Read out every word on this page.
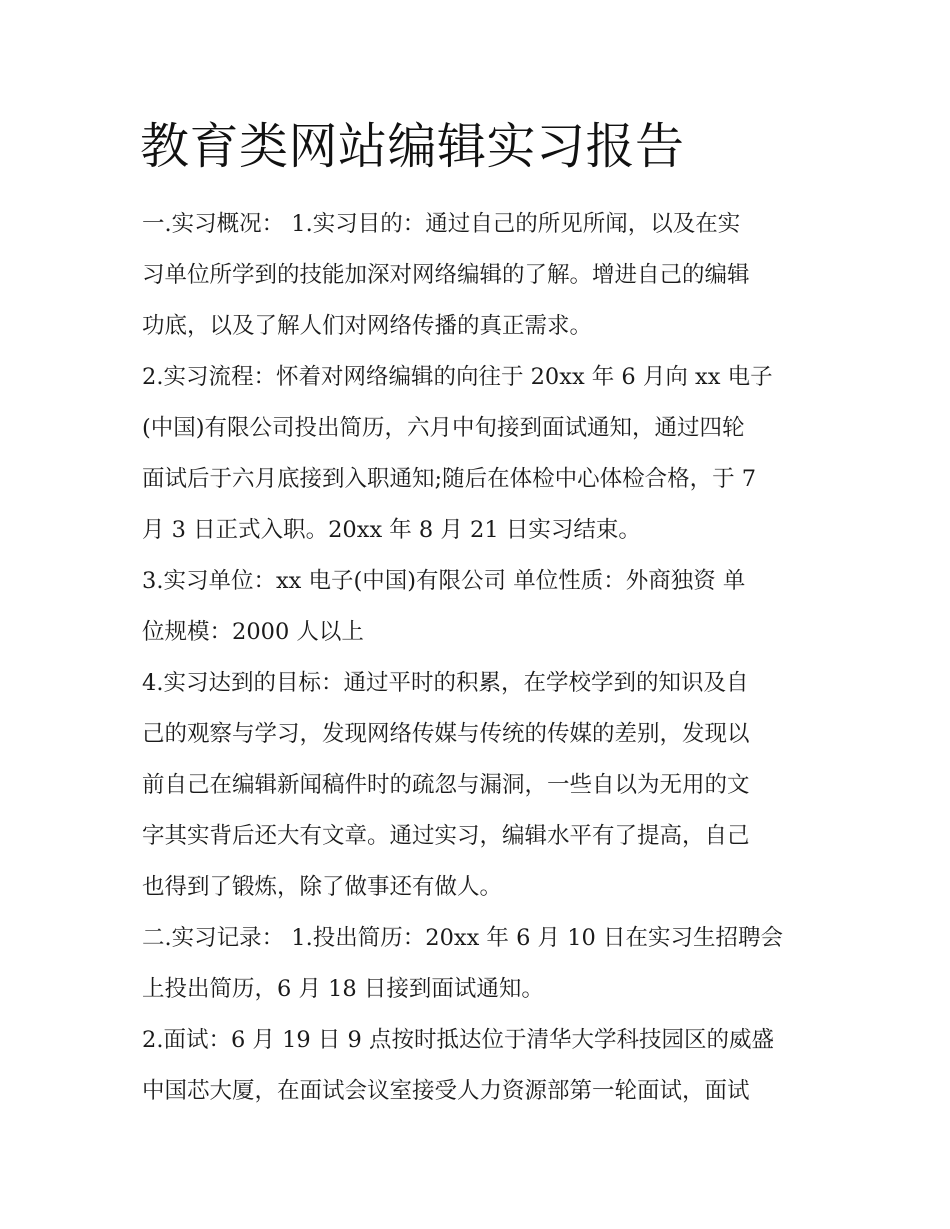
教育类网站编辑实习报告
一.实习概况： 1.实习目的：通过自己的所见所闻，以及在实
习单位所学到的技能加深对网络编辑的了解。增进自己的编辑
功底，以及了解人们对网络传播的真正需求。
2.实习流程：怀着对网络编辑的向往于 20xx 年 6 月向 xx 电子
(中国)有限公司投出简历，六月中旬接到面试通知，通过四轮
面试后于六月底接到入职通知;随后在体检中心体检合格，于 7
月 3 日正式入职。20xx 年 8 月 21 日实习结束。
3.实习单位：xx 电子(中国)有限公司 单位性质：外商独资 单
位规模：2000 人以上
4.实习达到的目标：通过平时的积累，在学校学到的知识及自
己的观察与学习，发现网络传媒与传统的传媒的差别，发现以
前自己在编辑新闻稿件时的疏忽与漏洞，一些自以为无用的文
字其实背后还大有文章。通过实习，编辑水平有了提高，自己
也得到了锻炼，除了做事还有做人。
二.实习记录： 1.投出简历：20xx 年 6 月 10 日在实习生招聘会
上投出简历，6 月 18 日接到面试通知。
2.面试：6 月 19 日 9 点按时抵达位于清华大学科技园区的威盛
中国芯大厦，在面试会议室接受人力资源部第一轮面试，面试
